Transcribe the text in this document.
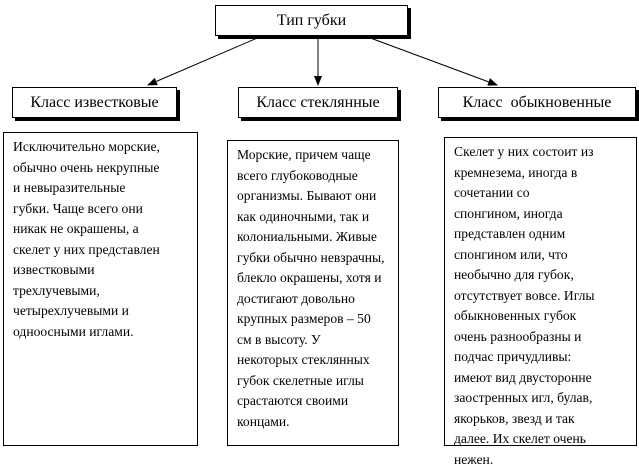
Тип губки
Класс известковые	Класс стеклянные	Класс  обыкновенные

Исключительно морские,

обычно очень некрупные

и невыразительные

губки. Чаще всего они

никак не окрашены, а

скелет у них представлен

известковыми

трехлучевыми,

четырехлучевыми и

одноосными иглами.

Морские, причем чаще

всего глубоководные

организмы. Бывают они

как одиночными, так и

колониальными. Живые

губки обычно невзрачны,

блекло окрашены, хотя и

достигают довольно

крупных размеров – 50

см в высоту. У

некоторых стеклянных

губок скелетные иглы

срастаются своими

концами.

Скелет у них состоит из

кремнезема, иногда в

сочетании со

спонгином, иногда

представлен одним

спонгином или, что

необычно для губок,

отсутствует вовсе. Иглы

обыкновенных губок

очень разнообразны и

подчас причудливы:

имеют вид двусторонне

заостренных игл, булав,

якорьков, звезд и так

далее. Их скелет очень

нежен.
